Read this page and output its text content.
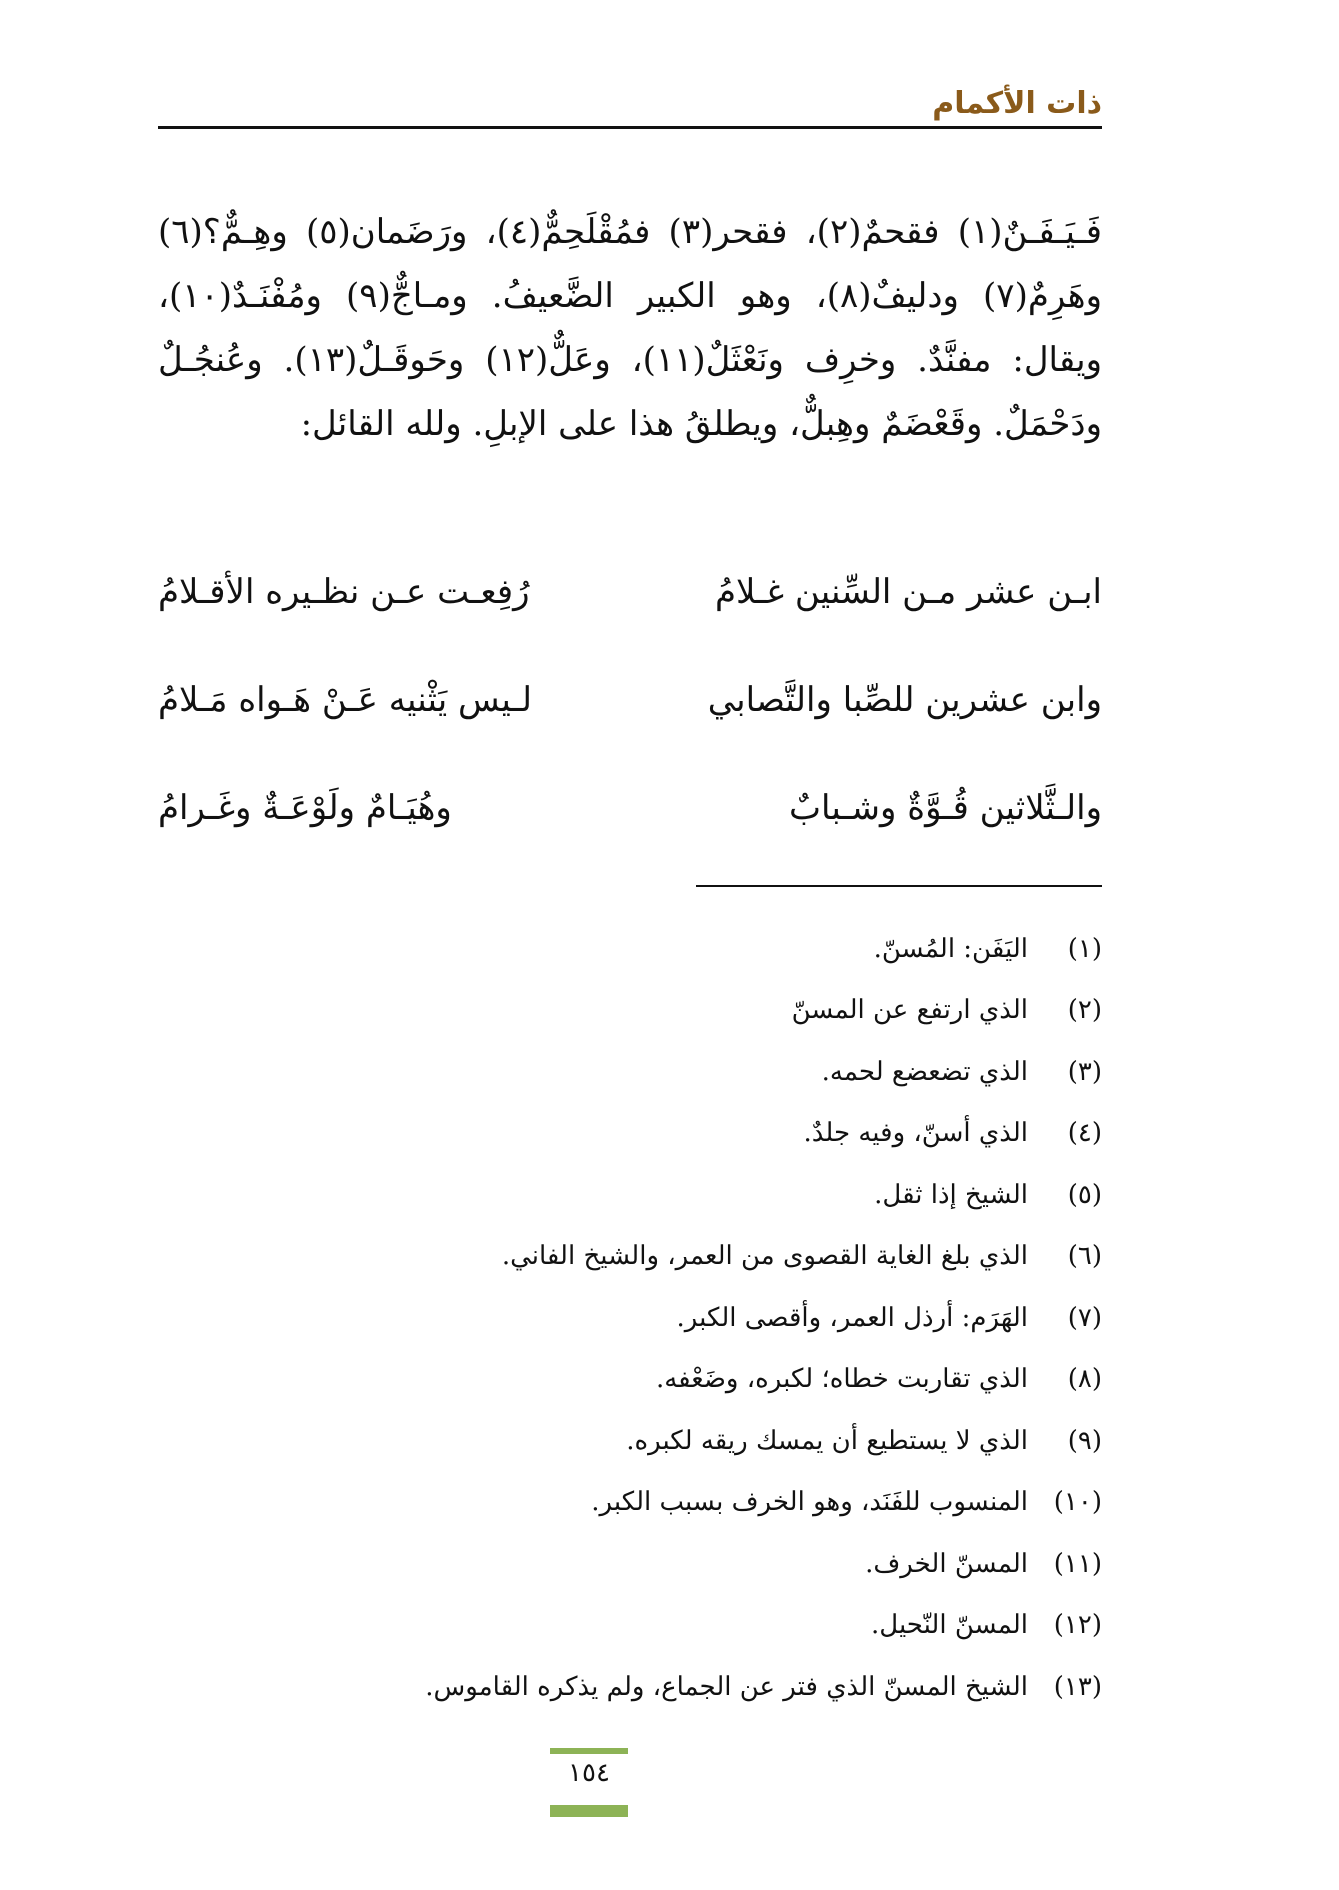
ذات الأكمام

فَـيَـفَـنٌ(١) فقحمٌ(٢)، فقحر(٣) فمُقْلَحِمٌّ(٤)، ورَضَمان(٥) وهِـمٌّ؟(٦) وهَرِمٌ(٧) ودليفٌ(٨)، وهو الكبير الضَّعيفُ. ومـاجٌّ(٩) ومُفْنَـدٌ(١٠)، ويقال: مفنَّدٌ. وخرِف ونَعْثَلٌ(١١)، وعَلٌّ(١٢) وحَوقَـلٌ(١٣). وعُنجُـلٌ ودَحْمَلٌ. وقَعْضَمٌ وهِبلٌّ، ويطلقُ هذا على الإبلِ. ولله القائل:

ابـن عشر مـن السِّنين غـلامُ
رُفِعـت عـن نظـيره الأقـلامُ
وابن عشرين للصِّبا والتَّصابي
لـيس يَثْنيه عَـنْ هَـواه مَـلامُ
والـثَّلاثين قُـوَّةٌ وشـبابٌ
وهُيَـامٌ ولَوْعَـةٌ وغَـرامُ
(١)
اليَفَن: المُسنّ.
(٢)
الذي ارتفع عن المسنّ
(٣)
الذي تضعضع لحمه.
(٤)
الذي أسنّ، وفيه جلدٌ.
(٥)
الشيخ إذا ثقل.
(٦)
الذي بلغ الغاية القصوى من العمر، والشيخ الفاني.
(٧)
الهَرَم: أرذل العمر، وأقصى الكبر.
(٨)
الذي تقاربت خطاه؛ لكبره، وضَعْفه.
(٩)
الذي لا يستطيع أن يمسك ريقه لكبره.
(١٠)
المنسوب للفَنَد، وهو الخرف بسبب الكبر.
(١١)
المسنّ الخرف.
(١٢)
المسنّ النّحيل.
(١٣)
الشيخ المسنّ الذي فتر عن الجماع، ولم يذكره القاموس.
١٥٤
